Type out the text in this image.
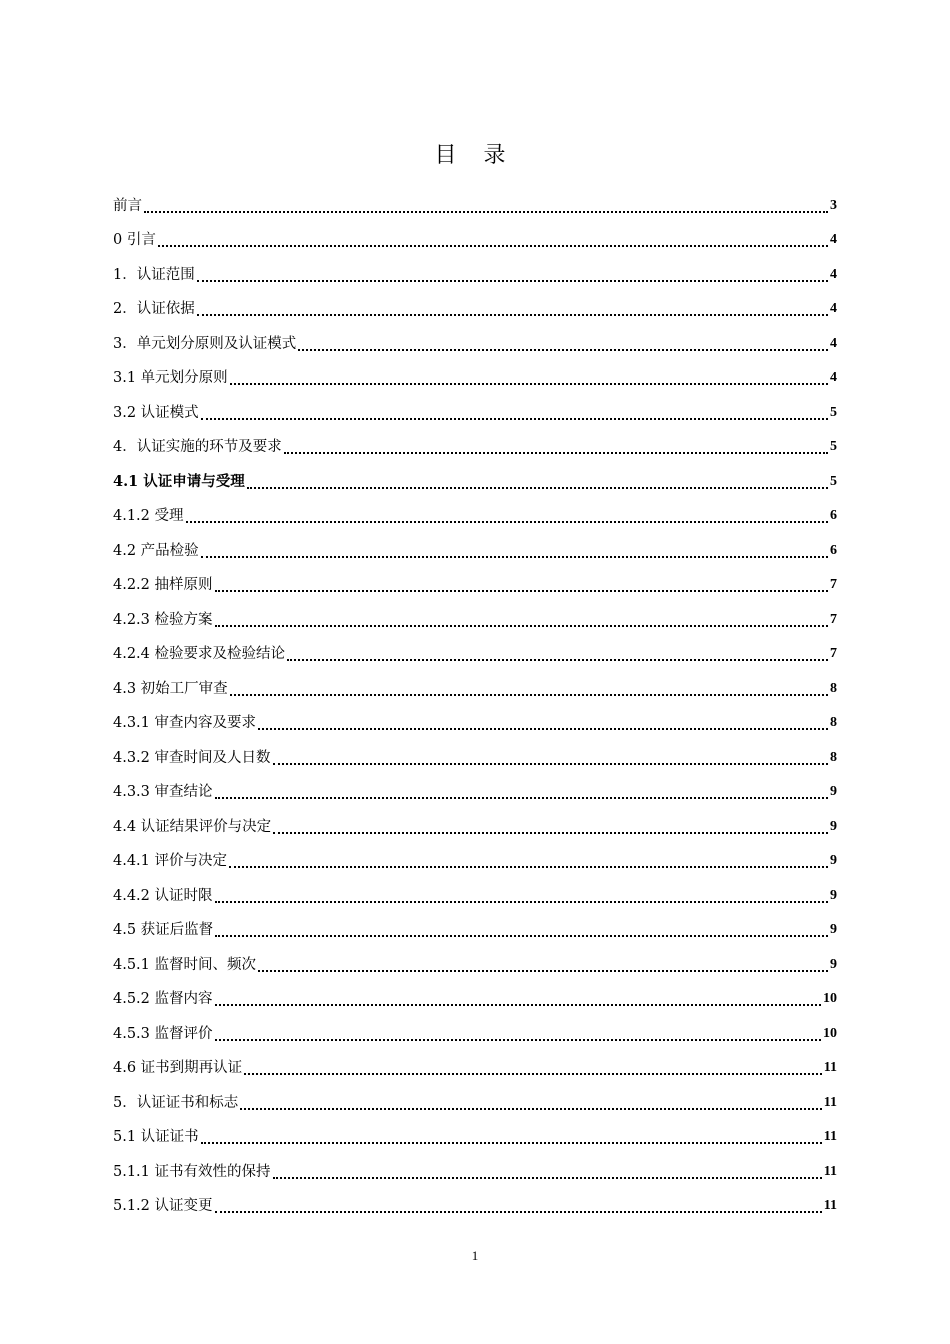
目 录
前言	3
0 引言	4
1．认证范围	4
2．认证依据	4
3．单元划分原则及认证模式	4
3.1 单元划分原则	4
3.2 认证模式	5
4．认证实施的环节及要求	5
4.1 认证申请与受理	5
4.1.2 受理	6
4.2 产品检验	6
4.2.2 抽样原则	7
4.2.3 检验方案	7
4.2.4 检验要求及检验结论	7
4.3 初始工厂审查	8
4.3.1 审查内容及要求	8
4.3.2 审查时间及人日数	8
4.3.3 审查结论	9
4.4 认证结果评价与决定	9
4.4.1 评价与决定	9
4.4.2 认证时限	9
4.5 获证后监督	9
4.5.1 监督时间、频次	9
4.5.2 监督内容	10
4.5.3 监督评价	10
4.6 证书到期再认证	11
5．认证证书和标志	11
5.1 认证证书	11
5.1.1 证书有效性的保持	11
5.1.2 认证变更	11
1
